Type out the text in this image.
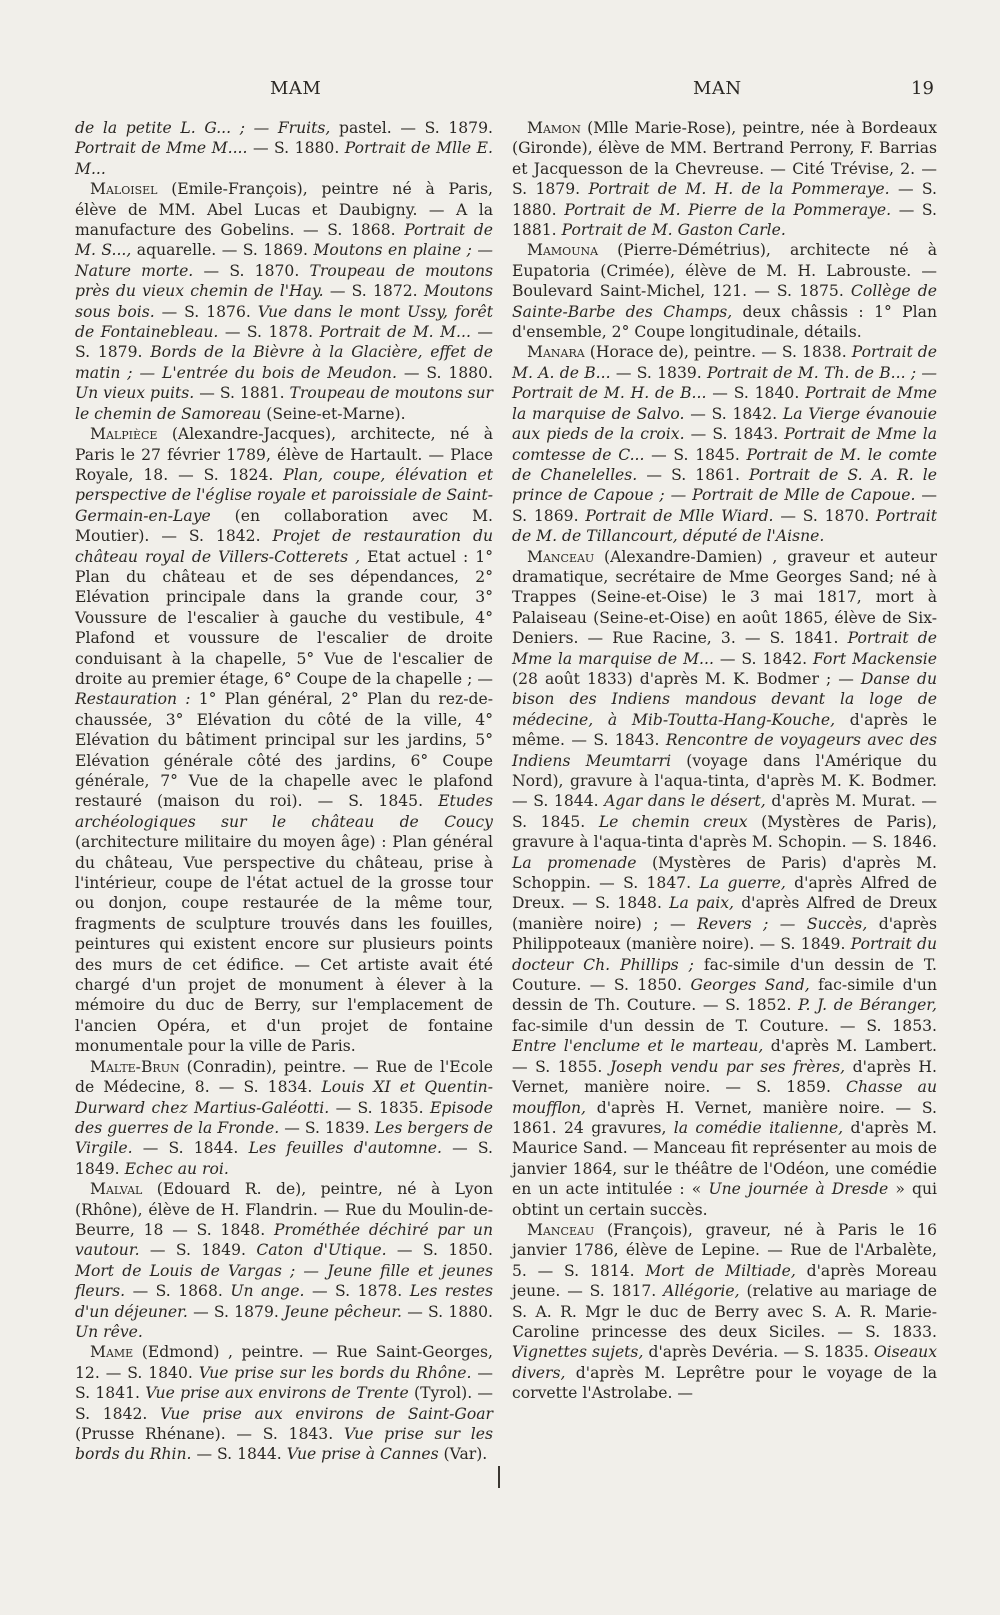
MAM	MAN	19

de la petite L. G... ; — Fruits, pastel. — S. 1879. Portrait de Mme M.... — S. 1880. Portrait de Mlle E. M...

Maloisel (Emile-François), peintre né à Paris, élève de MM. Abel Lucas et Daubigny. — A la manufacture des Gobelins. — S. 1868. Portrait de M. S..., aquarelle. — S. 1869. Moutons en plaine ; — Nature morte. — S. 1870. Troupeau de moutons près du vieux chemin de l'Hay. — S. 1872. Moutons sous bois. — S. 1876. Vue dans le mont Ussy, forêt de Fontainebleau. — S. 1878. Portrait de M. M... — S. 1879. Bords de la Bièvre à la Glacière, effet de matin ; — L'entrée du bois de Meudon. — S. 1880. Un vieux puits. — S. 1881. Troupeau de moutons sur le chemin de Samoreau (Seine-et-Marne).

Malpièce (Alexandre-Jacques), architecte, né à Paris le 27 février 1789, élève de Hartault. — Place Royale, 18. — S. 1824. Plan, coupe, élévation et perspective de l'église royale et paroissiale de Saint-Germain-en-Laye (en collaboration avec M. Moutier). — S. 1842. Projet de restauration du château royal de Villers-Cotterets , Etat actuel : 1° Plan du château et de ses dépendances, 2° Elévation principale dans la grande cour, 3° Voussure de l'escalier à gauche du vestibule, 4° Plafond et voussure de l'escalier de droite conduisant à la chapelle, 5° Vue de l'escalier de droite au premier étage, 6° Coupe de la chapelle ; — Restauration : 1° Plan général, 2° Plan du rez-de-chaussée, 3° Elévation du côté de la ville, 4° Elévation du bâtiment principal sur les jardins, 5° Elévation générale côté des jardins, 6° Coupe générale, 7° Vue de la chapelle avec le plafond restauré (maison du roi). — S. 1845. Etudes archéologiques sur le château de Coucy (architecture militaire du moyen âge) : Plan général du château, Vue perspective du château, prise à l'intérieur, coupe de l'état actuel de la grosse tour ou donjon, coupe restaurée de la même tour, fragments de sculpture trouvés dans les fouilles, peintures qui existent encore sur plusieurs points des murs de cet édifice. — Cet artiste avait été chargé d'un projet de monument à élever à la mémoire du duc de Berry, sur l'emplacement de l'ancien Opéra, et d'un projet de fontaine monumentale pour la ville de Paris.

Malte-Brun (Conradin), peintre. — Rue de l'Ecole de Médecine, 8. — S. 1834. Louis XI et Quentin-Durward chez Martius-Galéotti. — S. 1835. Episode des guerres de la Fronde. — S. 1839. Les bergers de Virgile. — S. 1844. Les feuilles d'automne. — S. 1849. Echec au roi.

Malval (Edouard R. de), peintre, né à Lyon (Rhône), élève de H. Flandrin. — Rue du Moulin-de-Beurre, 18 — S. 1848. Prométhée déchiré par un vautour. — S. 1849. Caton d'Utique. — S. 1850. Mort de Louis de Vargas ; — Jeune fille et jeunes fleurs. — S. 1868. Un ange. — S. 1878. Les restes d'un déjeuner. — S. 1879. Jeune pêcheur. — S. 1880. Un rêve.

Mame (Edmond) , peintre. — Rue Saint-Georges, 12. — S. 1840. Vue prise sur les bords du Rhône. — S. 1841. Vue prise aux environs de Trente (Tyrol). — S. 1842. Vue prise aux environs de Saint-Goar (Prusse Rhénane). — S. 1843. Vue prise sur les bords du Rhin. — S. 1844. Vue prise à Cannes (Var).

Mamon (Mlle Marie-Rose), peintre, née à Bordeaux (Gironde), élève de MM. Bertrand Perrony, F. Barrias et Jacquesson de la Chevreuse. — Cité Trévise, 2. — S. 1879. Portrait de M. H. de la Pommeraye. — S. 1880. Portrait de M. Pierre de la Pommeraye. — S. 1881. Portrait de M. Gaston Carle.

Mamouna (Pierre-Démétrius), architecte né à Eupatoria (Crimée), élève de M. H. Labrouste. — Boulevard Saint-Michel, 121. — S. 1875. Collège de Sainte-Barbe des Champs, deux châssis : 1° Plan d'ensemble, 2° Coupe longitudinale, détails.

Manara (Horace de), peintre. — S. 1838. Portrait de M. A. de B... — S. 1839. Portrait de M. Th. de B... ; — Portrait de M. H. de B... — S. 1840. Portrait de Mme la marquise de Salvo. — S. 1842. La Vierge évanouie aux pieds de la croix. — S. 1843. Portrait de Mme la comtesse de C... — S. 1845. Portrait de M. le comte de Chanelelles. — S. 1861. Portrait de S. A. R. le prince de Capoue ; — Portrait de Mlle de Capoue. — S. 1869. Portrait de Mlle Wiard. — S. 1870. Portrait de M. de Tillancourt, député de l'Aisne.

Manceau (Alexandre-Damien) , graveur et auteur dramatique, secrétaire de Mme Georges Sand; né à Trappes (Seine-et-Oise) le 3 mai 1817, mort à Palaiseau (Seine-et-Oise) en août 1865, élève de Six-Deniers. — Rue Racine, 3. — S. 1841. Portrait de Mme la marquise de M... — S. 1842. Fort Mackensie (28 août 1833) d'après M. K. Bodmer ; — Danse du bison des Indiens mandous devant la loge de médecine, à Mib-Toutta-Hang-Kouche, d'après le même. — S. 1843. Rencontre de voyageurs avec des Indiens Meumtarri (voyage dans l'Amérique du Nord), gravure à l'aqua-tinta, d'après M. K. Bodmer. — S. 1844. Agar dans le désert, d'après M. Murat. — S. 1845. Le chemin creux (Mystères de Paris), gravure à l'aqua-tinta d'après M. Schopin. — S. 1846. La promenade (Mystères de Paris) d'après M. Schoppin. — S. 1847. La guerre, d'après Alfred de Dreux. — S. 1848. La paix, d'après Alfred de Dreux (manière noire) ; — Revers ; — Succès, d'après Philippoteaux (manière noire). — S. 1849. Portrait du docteur Ch. Phillips ; fac-simile d'un dessin de T. Couture. — S. 1850. Georges Sand, fac-simile d'un dessin de Th. Couture. — S. 1852. P. J. de Béranger, fac-simile d'un dessin de T. Couture. — S. 1853. Entre l'enclume et le marteau, d'après M. Lambert. — S. 1855. Joseph vendu par ses frères, d'après H. Vernet, manière noire. — S. 1859. Chasse au moufflon, d'après H. Vernet, manière noire. — S. 1861. 24 gravures, la comédie italienne, d'après M. Maurice Sand. — Manceau fit représenter au mois de janvier 1864, sur le théâtre de l'Odéon, une comédie en un acte intitulée : « Une journée à Dresde » qui obtint un certain succès.

Manceau (François), graveur, né à Paris le 16 janvier 1786, élève de Lepine. — Rue de l'Arbalète, 5. — S. 1814. Mort de Miltiade, d'après Moreau jeune. — S. 1817. Allégorie, (relative au mariage de S. A. R. Mgr le duc de Berry avec S. A. R. Marie-Caroline princesse des deux Siciles. — S. 1833. Vignettes sujets, d'après Devéria. — S. 1835. Oiseaux divers, d'après M. Leprêtre pour le voyage de la corvette l'Astrolabe. —
